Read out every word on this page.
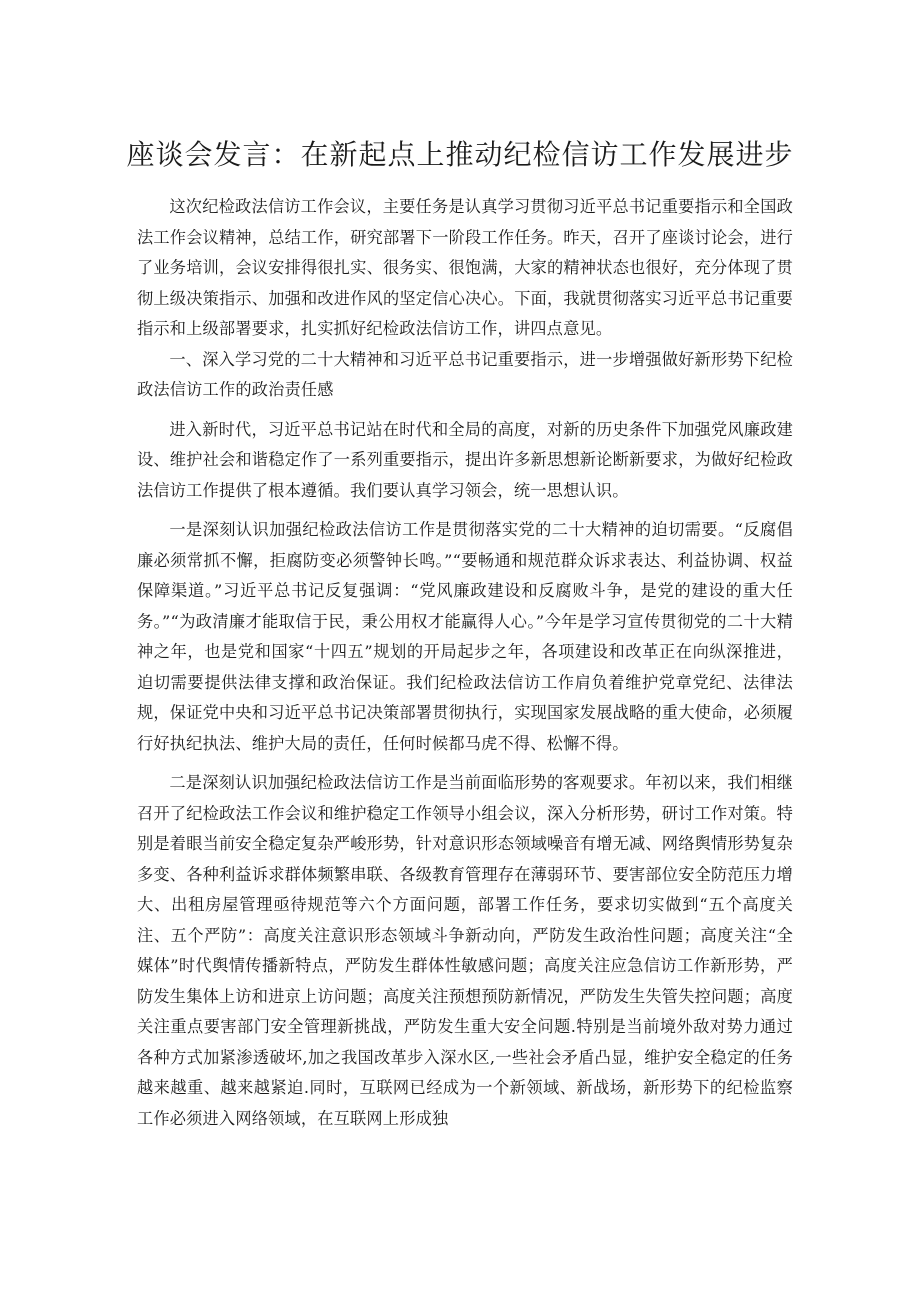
座谈会发言：在新起点上推动纪检信访工作发展进步

这次纪检政法信访工作会议，主要任务是认真学习贯彻习近平总书记重要指示和全国政法工作会议精神，总结工作，研究部署下一阶段工作任务。昨天，召开了座谈讨论会，进行了业务培训，会议安排得很扎实、很务实、很饱满，大家的精神状态也很好，充分体现了贯彻上级决策指示、加强和改进作风的坚定信心决心。下面，我就贯彻落实习近平总书记重要指示和上级部署要求，扎实抓好纪检政法信访工作，讲四点意见。

一、深入学习党的二十大精神和习近平总书记重要指示，进一步增强做好新形势下纪检政法信访工作的政治责任感

进入新时代，习近平总书记站在时代和全局的高度，对新的历史条件下加强党风廉政建设、维护社会和谐稳定作了一系列重要指示，提出许多新思想新论断新要求，为做好纪检政法信访工作提供了根本遵循。我们要认真学习领会，统一思想认识。

一是深刻认识加强纪检政法信访工作是贯彻落实党的二十大精神的迫切需要。“反腐倡廉必须常抓不懈，拒腐防变必须警钟长鸣。”“要畅通和规范群众诉求表达、利益协调、权益保障渠道。”习近平总书记反复强调：“党风廉政建设和反腐败斗争，是党的建设的重大任务。”“为政清廉才能取信于民，秉公用权才能赢得人心。”今年是学习宣传贯彻党的二十大精神之年，也是党和国家“十四五”规划的开局起步之年，各项建设和改革正在向纵深推进，迫切需要提供法律支撑和政治保证。我们纪检政法信访工作肩负着维护党章党纪、法律法规，保证党中央和习近平总书记决策部署贯彻执行，实现国家发展战略的重大使命，必须履行好执纪执法、维护大局的责任，任何时候都马虎不得、松懈不得。

二是深刻认识加强纪检政法信访工作是当前面临形势的客观要求。年初以来，我们相继召开了纪检政法工作会议和维护稳定工作领导小组会议，深入分析形势，研讨工作对策。特别是着眼当前安全稳定复杂严峻形势，针对意识形态领域噪音有增无减、网络舆情形势复杂多变、各种利益诉求群体频繁串联、各级教育管理存在薄弱环节、要害部位安全防范压力增大、出租房屋管理亟待规范等六个方面问题，部署工作任务，要求切实做到“五个高度关注、五个严防”：高度关注意识形态领域斗争新动向，严防发生政治性问题；高度关注“全媒体”时代舆情传播新特点，严防发生群体性敏感问题；高度关注应急信访工作新形势，严防发生集体上访和进京上访问题；高度关注预想预防新情况，严防发生失管失控问题；高度关注重点要害部门安全管理新挑战，严防发生重大安全问题.特别是当前境外敌对势力通过各种方式加紧渗透破坏,加之我国改革步入深水区,一些社会矛盾凸显，维护安全稳定的任务越来越重、越来越紧迫.同时，互联网已经成为一个新领域、新战场，新形势下的纪检监察工作必须进入网络领域，在互联网上形成独
